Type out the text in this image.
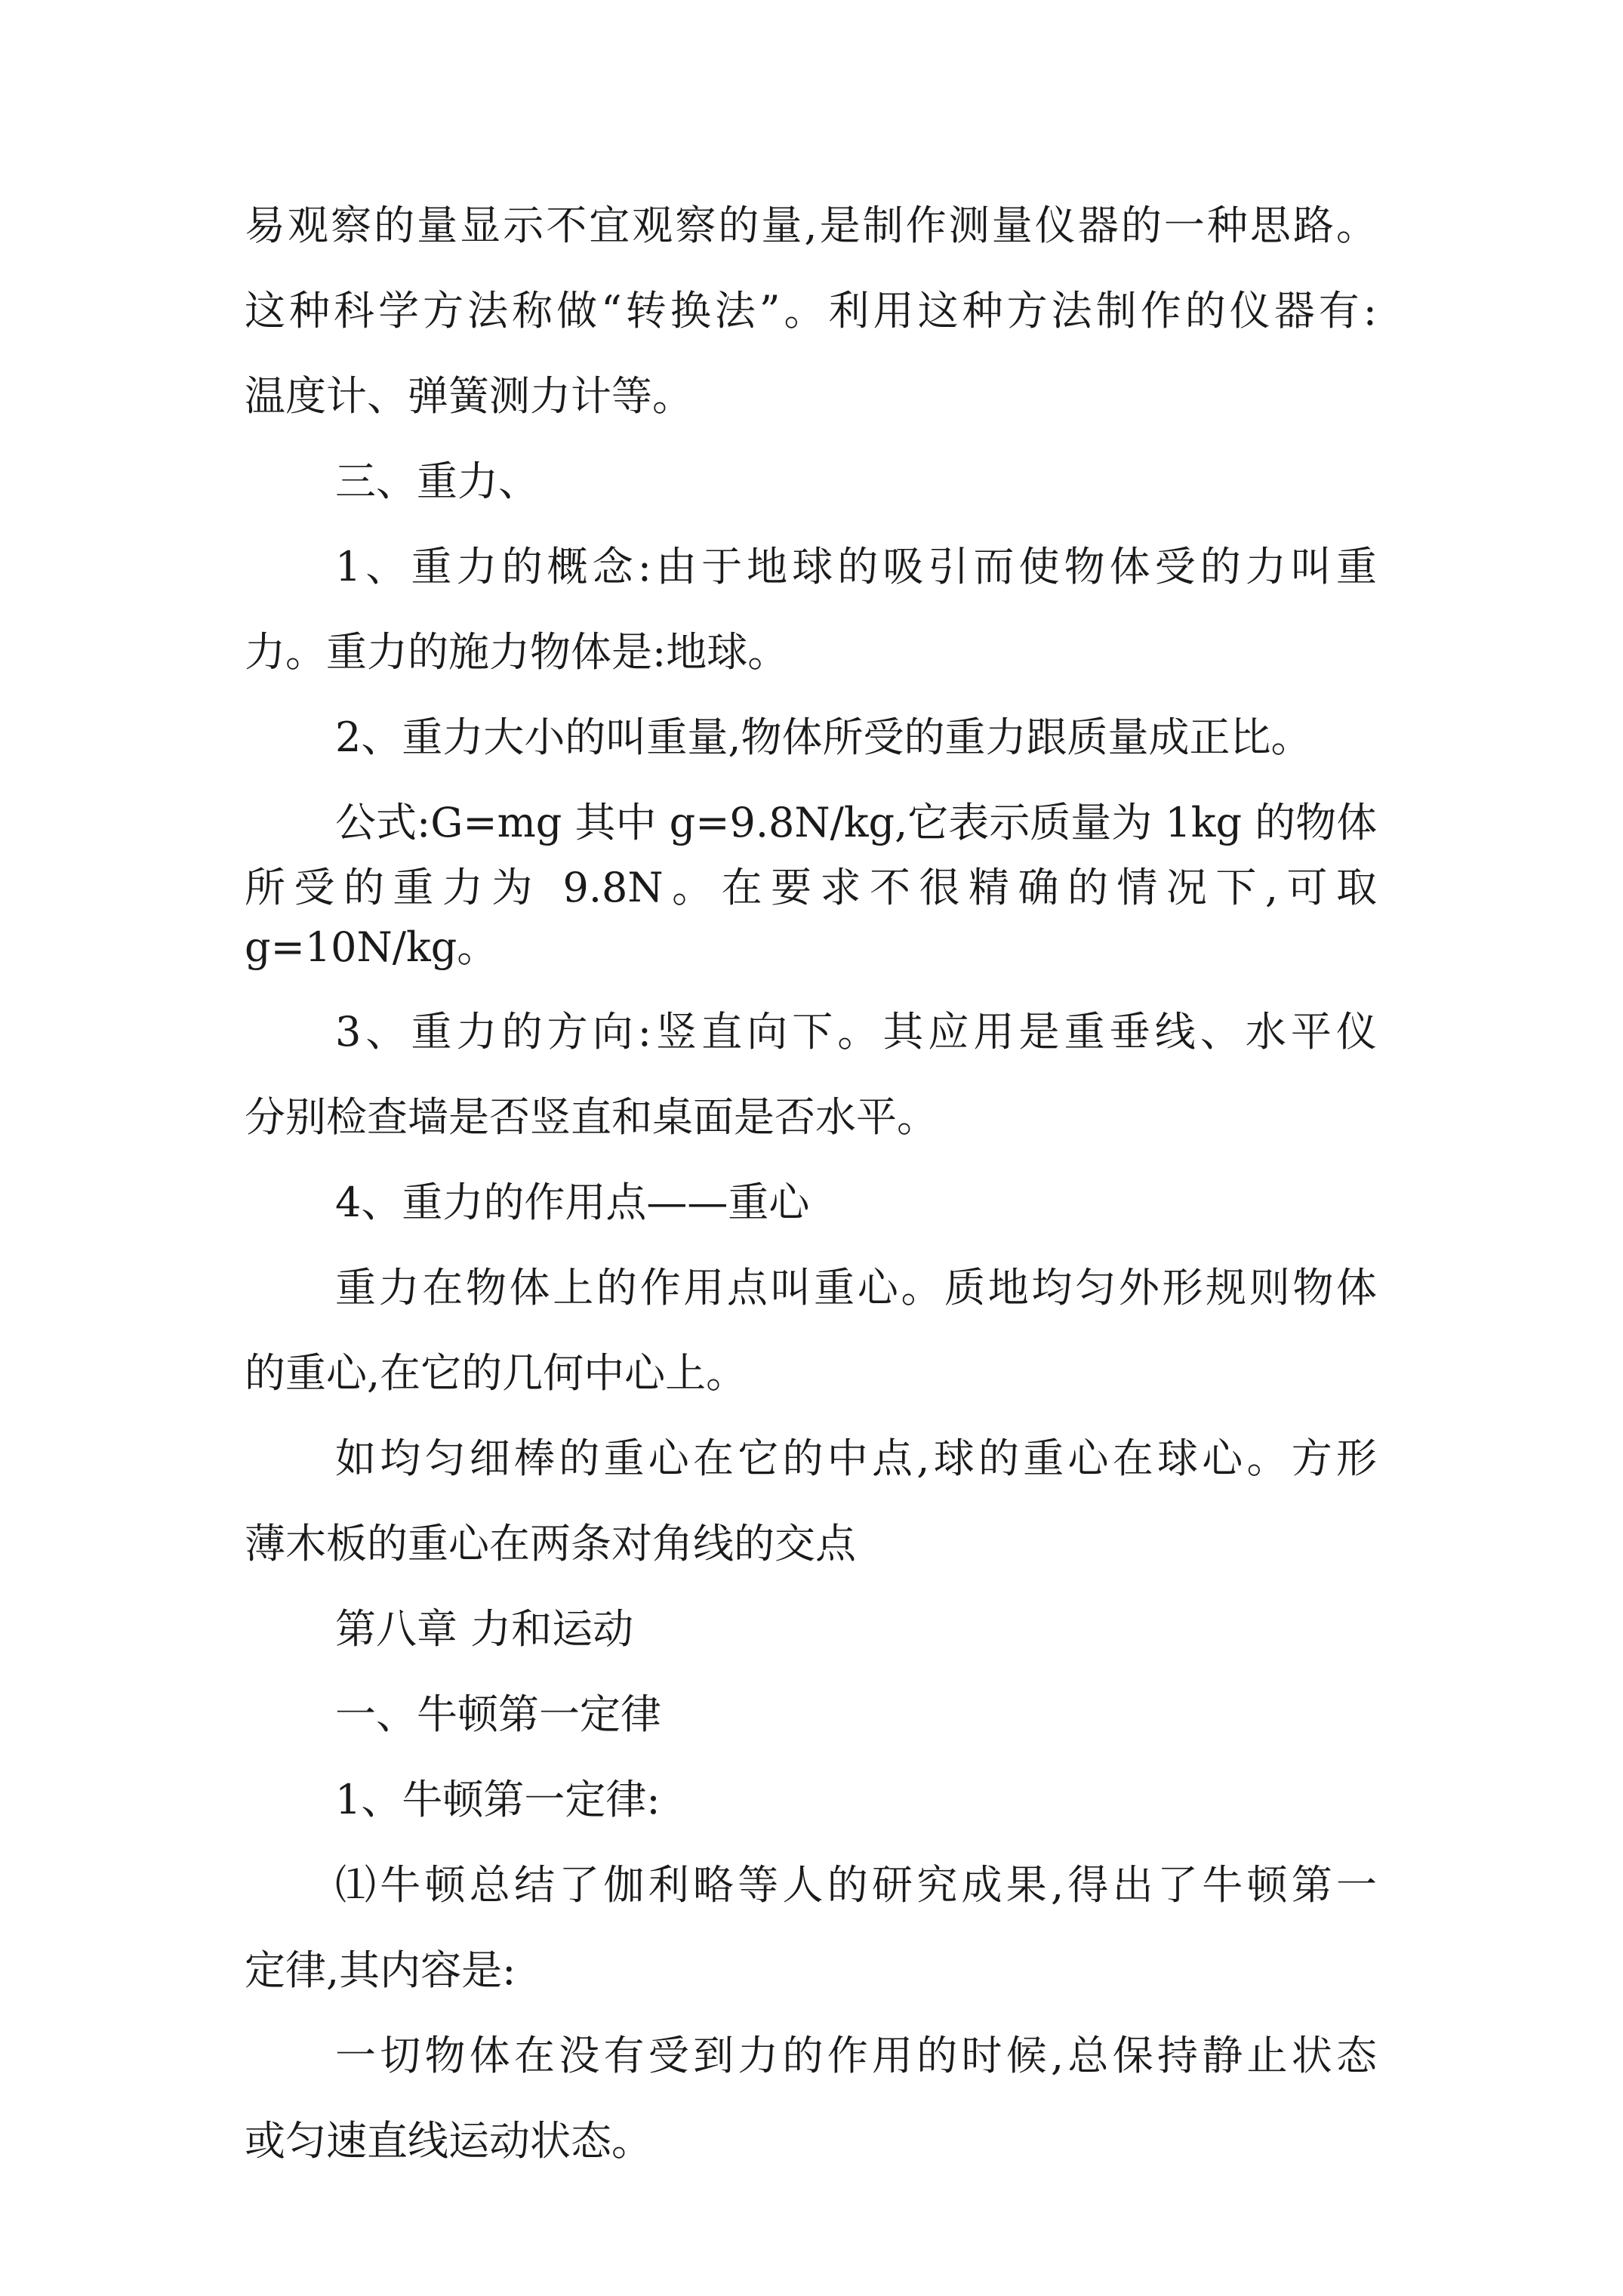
易观察的量显示不宜观察的量,是制作测量仪器的一种思路。
这种科学方法称做“转换法”。利用这种方法制作的仪器有:
温度计、弹簧测力计等。
三、重力、
1、重力的概念:由于地球的吸引而使物体受的力叫重
力。重力的施力物体是:地球。
2、重力大小的叫重量,物体所受的重力跟质量成正比。
公式:G=mg 其中 g=9.8N/kg,它表示质量为 1kg 的物体
所受的重力为 9.8N。在要求不很精确的情况下,可取
g=10N/kg。
3、重力的方向:竖直向下。其应用是重垂线、水平仪
分别检查墙是否竖直和桌面是否水平。
4、重力的作用点——重心
重力在物体上的作用点叫重心。质地均匀外形规则物体
的重心,在它的几何中心上。
如均匀细棒的重心在它的中点,球的重心在球心。方形
薄木板的重心在两条对角线的交点
第八章 力和运动
一、牛顿第一定律
1、牛顿第一定律:
⑴牛顿总结了伽利略等人的研究成果,得出了牛顿第一
定律,其内容是:
一切物体在没有受到力的作用的时候,总保持静止状态
或匀速直线运动状态。
